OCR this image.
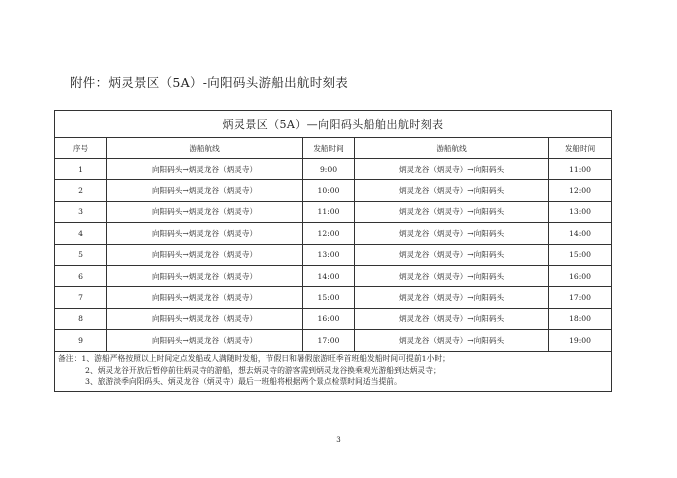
附件：炳灵景区（5A）-向阳码头游船出航时刻表
炳灵景区（5A）—向阳码头船舶出航时刻表				
序号	游船航线	发船时间	游船航线	发船时间
1	向阳码头→炳灵龙谷（炳灵寺）	9:00	炳灵龙谷（炳灵寺）→向阳码头	11:00
2	向阳码头→炳灵龙谷（炳灵寺）	10:00	炳灵龙谷（炳灵寺）→向阳码头	12:00
3	向阳码头→炳灵龙谷（炳灵寺）	11:00	炳灵龙谷（炳灵寺）→向阳码头	13:00
4	向阳码头→炳灵龙谷（炳灵寺）	12:00	炳灵龙谷（炳灵寺）→向阳码头	14:00
5	向阳码头→炳灵龙谷（炳灵寺）	13:00	炳灵龙谷（炳灵寺）→向阳码头	15:00
6	向阳码头→炳灵龙谷（炳灵寺）	14:00	炳灵龙谷（炳灵寺）→向阳码头	16:00
7	向阳码头→炳灵龙谷（炳灵寺）	15:00	炳灵龙谷（炳灵寺）→向阳码头	17:00
8	向阳码头→炳灵龙谷（炳灵寺）	16:00	炳灵龙谷（炳灵寺）→向阳码头	18:00
9	向阳码头→炳灵龙谷（炳灵寺）	17:00	炳灵龙谷（炳灵寺）→向阳码头	19:00

备注：1、游船严格按照以上时间定点发船或人满随时发船，节假日和暑假旅游旺季首班船发船时间可提前1小时；
2、炳灵龙谷开放后暂停前往炳灵寺的游船，想去炳灵寺的游客需到炳灵龙谷换乘观光游船到达炳灵寺；
3、旅游淡季向阳码头、炳灵龙谷（炳灵寺）最后一班船将根据两个景点检票时间适当提前。				
3
